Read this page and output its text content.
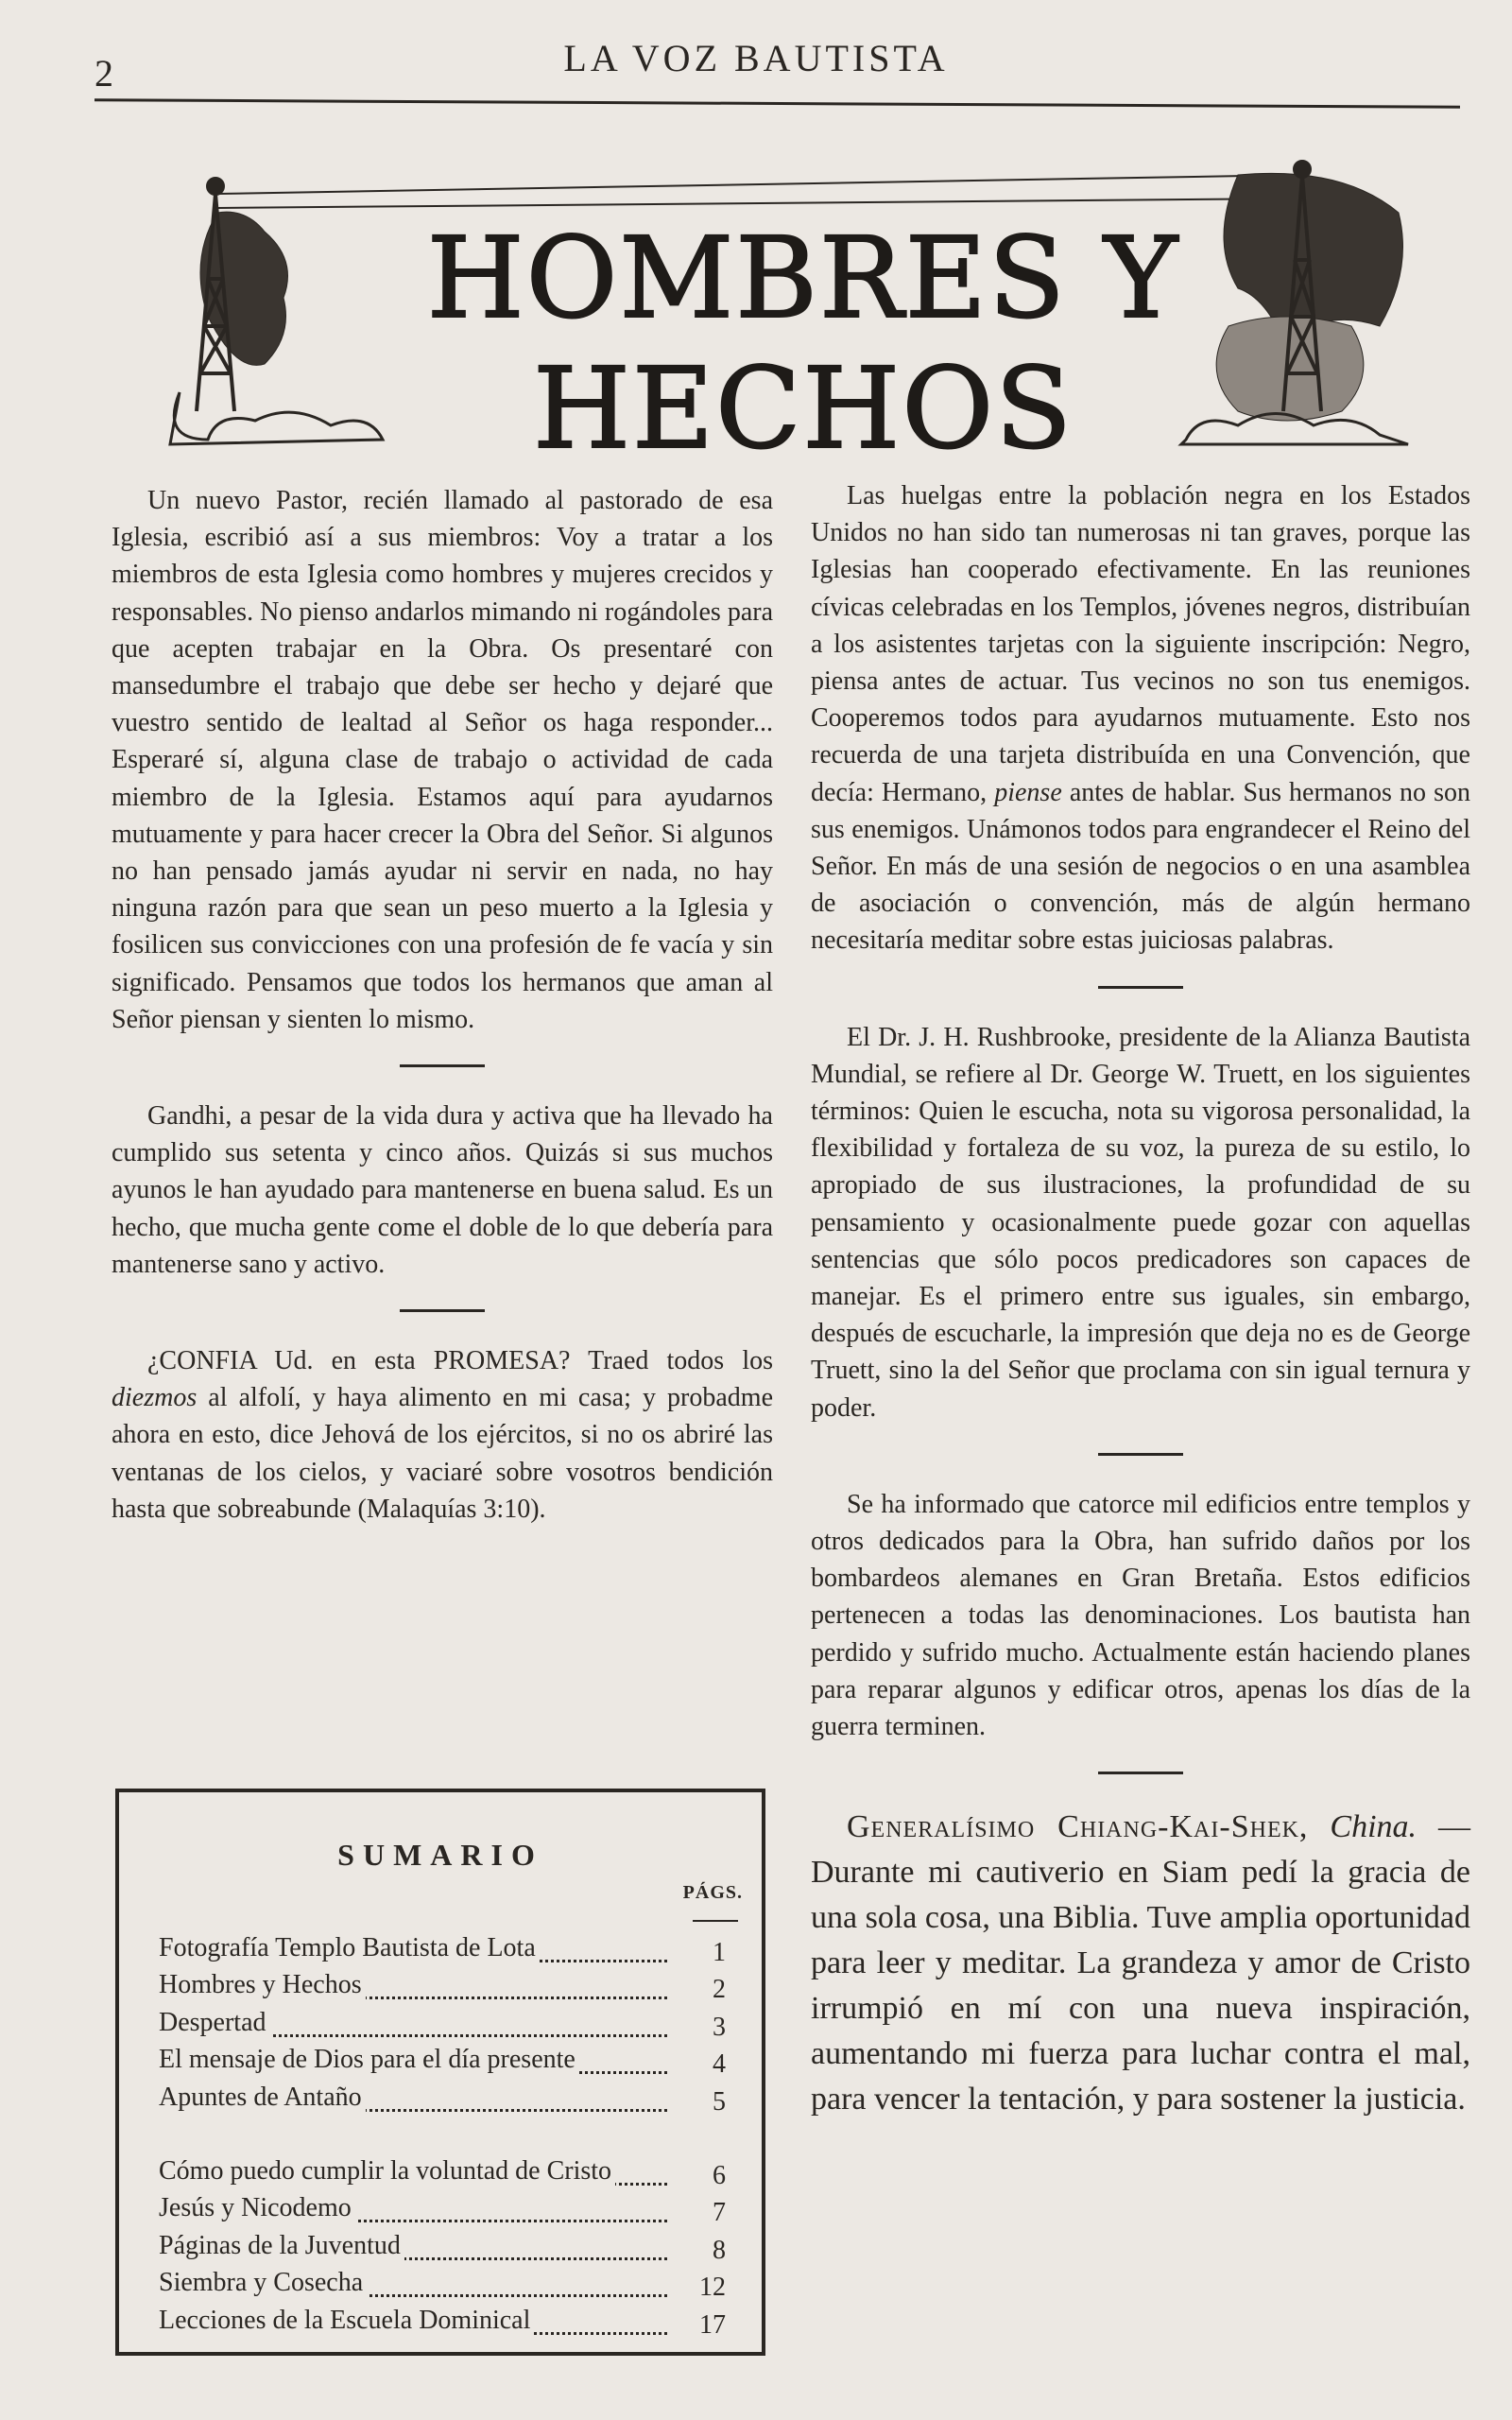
2	LA VOZ BAUTISTA
HOMBRES Y HECHOS

Un nuevo Pastor, recién llamado al pastorado de esa Iglesia, escribió así a sus miembros: Voy a tratar a los miembros de esta Iglesia como hombres y mujeres crecidos y responsables. No pienso andarlos mimando ni rogándoles para que acepten trabajar en la Obra. Os presentaré con mansedumbre el trabajo que debe ser hecho y dejaré que vuestro sentido de lealtad al Señor os haga responder... Esperaré sí, alguna clase de trabajo o actividad de cada miembro de la Iglesia. Estamos aquí para ayudarnos mutuamente y para hacer crecer la Obra del Señor. Si algunos no han pensado jamás ayudar ni servir en nada, no hay ninguna razón para que sean un peso muerto a la Iglesia y fosilicen sus convicciones con una profesión de fe vacía y sin significado. Pensamos que todos los hermanos que aman al Señor piensan y sienten lo mismo.

Gandhi, a pesar de la vida dura y activa que ha llevado ha cumplido sus setenta y cinco años. Quizás si sus muchos ayunos le han ayudado para mantenerse en buena salud. Es un hecho, que mucha gente come el doble de lo que debería para mantenerse sano y activo.

¿CONFIA Ud. en esta PROMESA? Traed todos los diezmos al alfolí, y haya alimento en mi casa; y probadme ahora en esto, dice Jehová de los ejércitos, si no os abriré las ventanas de los cielos, y vaciaré sobre vosotros bendición hasta que sobreabunde (Malaquías 3:10).

SUMARIO
PÁGS.
Fotografía Templo Bautista de Lota	1
Hombres y Hechos	2
Despertad	3
El mensaje de Dios para el día presente	4
Apuntes de Antaño	5
Cómo puedo cumplir la voluntad de Cristo	6
Jesús y Nicodemo	7
Páginas de la Juventud	8
Siembra y Cosecha	12
Lecciones de la Escuela Dominical	17

Las huelgas entre la población negra en los Estados Unidos no han sido tan numerosas ni tan graves, porque las Iglesias han cooperado efectivamente. En las reuniones cívicas celebradas en los Templos, jóvenes negros, distribuían a los asistentes tarjetas con la siguiente inscripción: Negro, piensa antes de actuar. Tus vecinos no son tus enemigos. Cooperemos todos para ayudarnos mutuamente. Esto nos recuerda de una tarjeta distribuída en una Convención, que decía: Hermano, piense antes de hablar. Sus hermanos no son sus enemigos. Unámonos todos para engrandecer el Reino del Señor. En más de una sesión de negocios o en una asamblea de asociación o convención, más de algún hermano necesitaría meditar sobre estas juiciosas palabras.

El Dr. J. H. Rushbrooke, presidente de la Alianza Bautista Mundial, se refiere al Dr. George W. Truett, en los siguientes términos: Quien le escucha, nota su vigorosa personalidad, la flexibilidad y fortaleza de su voz, la pureza de su estilo, lo apropiado de sus ilustraciones, la profundidad de su pensamiento y ocasionalmente puede gozar con aquellas sentencias que sólo pocos predicadores son capaces de manejar. Es el primero entre sus iguales, sin embargo, después de escucharle, la impresión que deja no es de George Truett, sino la del Señor que proclama con sin igual ternura y poder.

Se ha informado que catorce mil edificios entre templos y otros dedicados para la Obra, han sufrido daños por los bombardeos alemanes en Gran Bretaña. Estos edificios pertenecen a todas las denominaciones. Los bautista han perdido y sufrido mucho. Actualmente están haciendo planes para reparar algunos y edificar otros, apenas los días de la guerra terminen.

Generalísimo Chiang-Kai-Shek, China. — Durante mi cautiverio en Siam pedí la gracia de una sola cosa, una Biblia. Tuve amplia oportunidad para leer y meditar. La grandeza y amor de Cristo irrumpió en mí con una nueva inspiración, aumentando mi fuerza para luchar contra el mal, para vencer la tentación, y para sostener la justicia.
